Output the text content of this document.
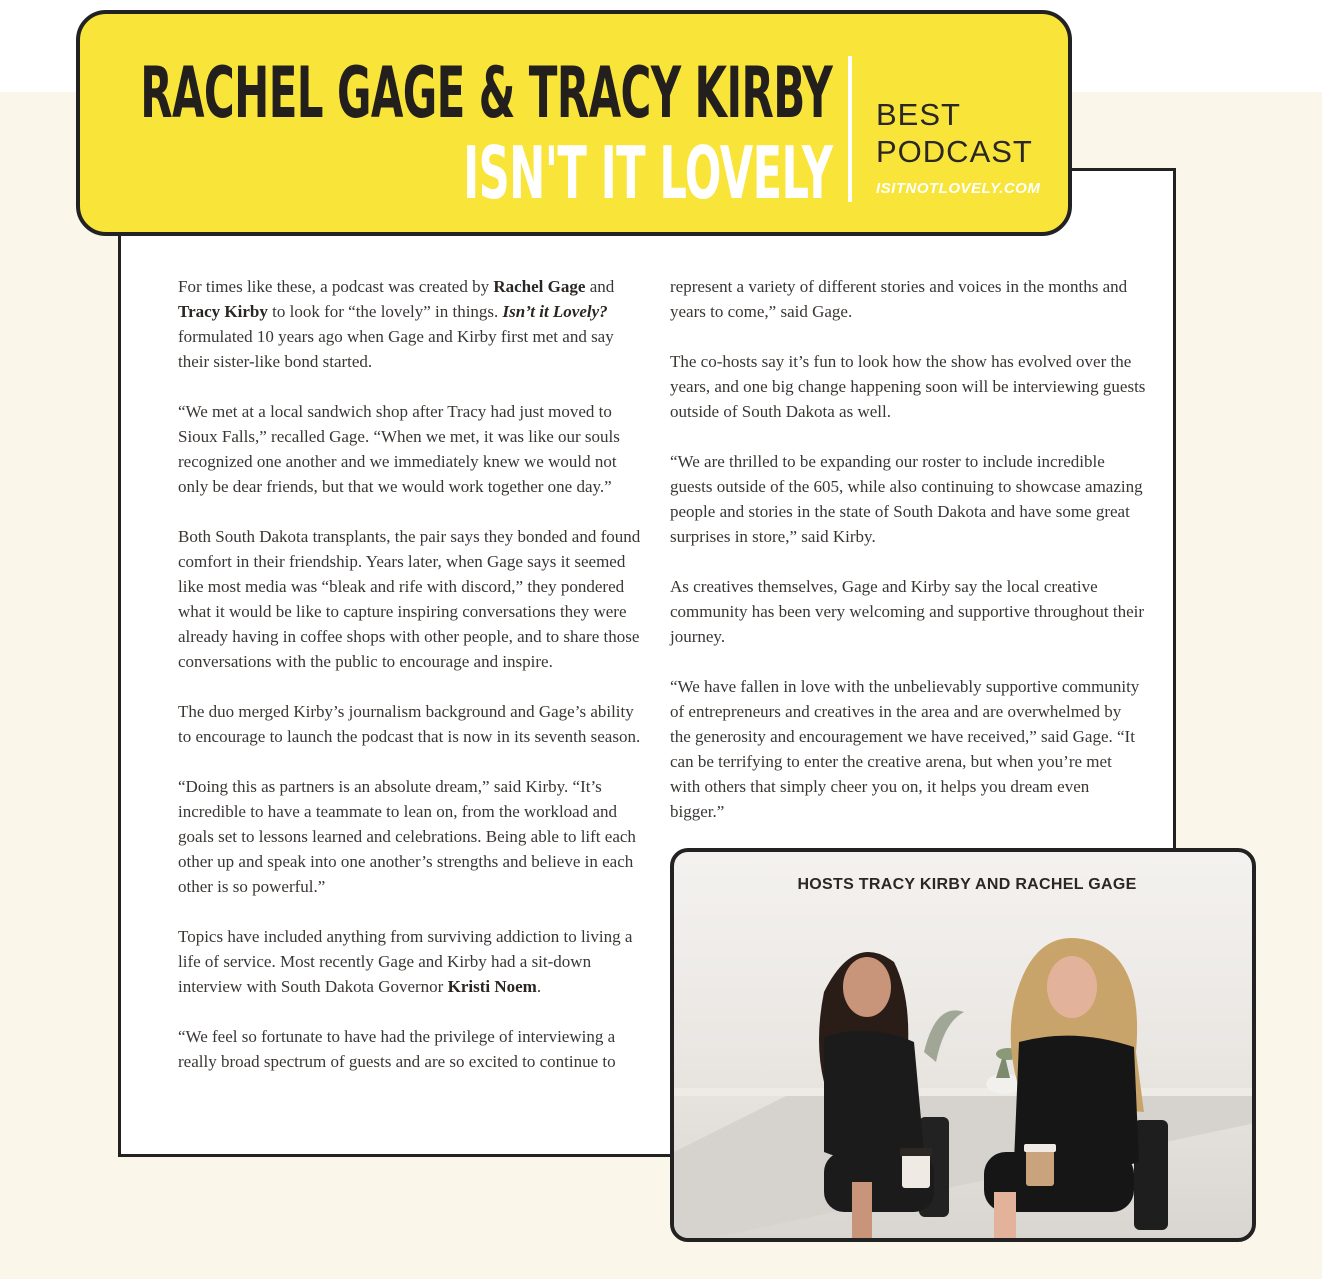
RACHEL GAGE & TRACY KIRBY
ISN'T IT LOVELY
BEST
PODCAST
ISITNOTLOVELY.COM

For times like these, a podcast was created by Rachel Gage and Tracy Kirby to look for “the lovely” in things. Isn’t it Lovely? formulated 10 years ago when Gage and Kirby first met and say their sister-like bond started.

“We met at a local sandwich shop after Tracy had just moved to Sioux Falls,” recalled Gage. “When we met, it was like our souls recognized one another and we immediately knew we would not only be dear friends, but that we would work together one day.”

Both South Dakota transplants, the pair says they bonded and found comfort in their friendship. Years later, when Gage says it seemed like most media was “bleak and rife with discord,” they pondered what it would be like to capture inspiring conversations they were already having in coffee shops with other people, and to share those conversations with the public to encourage and inspire.

The duo merged Kirby’s journalism background and Gage’s ability to encourage to launch the podcast that is now in its seventh season.

“Doing this as partners is an absolute dream,” said Kirby. “It’s incredible to have a teammate to lean on, from the workload and goals set to lessons learned and celebrations. Being able to lift each other up and speak into one another’s strengths and believe in each other is so powerful.”

Topics have included anything from surviving addiction to living a life of service. Most recently Gage and Kirby had a sit-down interview with South Dakota Governor Kristi Noem.

“We feel so fortunate to have had the privilege of interviewing a really broad spectrum of guests and are so excited to continue to

represent a variety of different stories and voices in the months and years to come,” said Gage.

The co-hosts say it’s fun to look how the show has evolved over the years, and one big change happening soon will be interviewing guests outside of South Dakota as well.

“We are thrilled to be expanding our roster to include incredible guests outside of the 605, while also continuing to showcase amazing people and stories in the state of South Dakota and have some great surprises in store,” said Kirby.

As creatives themselves, Gage and Kirby say the local creative community has been very welcoming and supportive throughout their journey.

“We have fallen in love with the unbelievably supportive community of entrepreneurs and creatives in the area and are overwhelmed by the generosity and encouragement we have received,” said Gage. “It can be terrifying to enter the creative arena, but when you’re met with others that simply cheer you on, it helps you dream even bigger.”

HOSTS TRACY KIRBY AND RACHEL GAGE
